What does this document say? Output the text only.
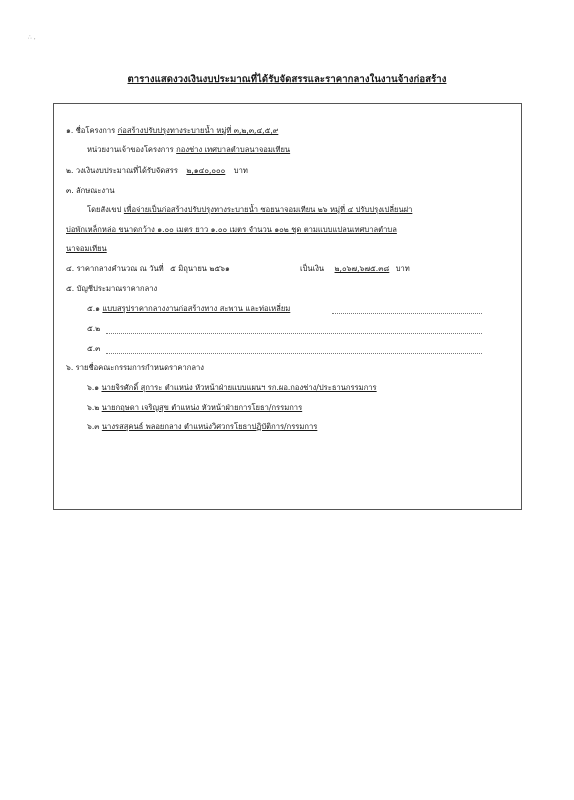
∴ ,
ตารางแสดงวงเงินงบประมาณที่ได้รับจัดสรรและราคากลางในงานจ้างก่อสร้าง
๑. ชื่อโครงการ ก่อสร้างปรับปรุงทางระบายน้ำ หมู่ที่ ๓,๒,๓,๔,๕,๙
หน่วยงานเจ้าของโครงการ กองช่าง เทศบาลตำบลนาจอมเทียน
๒. วงเงินงบประมาณที่ได้รับจัดสรร ๒,๑๔๐,๐๐๐ บาท
๓. ลักษณะงาน
โดยสังเขป เพื่อจ่ายเป็นก่อสร้างปรับปรุงทางระบายน้ำ ซอยนาจอมเทียน ๒๖ หมู่ที่ ๔ ปรับปรุงเปลี่ยนฝา
บ่อพักเหล็กหล่อ ขนาดกว้าง ๑.๐๐ เมตร ยาว ๑.๐๐ เมตร จำนวน ๑๐๒ ชุด ตามแบบแปลนเทศบาลตำบล
นาจอมเทียน
๔. ราคากลางคำนวณ ณ วันที่ ๕ มิถุนายน ๒๕๖๑	เป็นเงิน ๒,๐๖๗,๖๗๕.๓๘ บาท
๕. บัญชีประมาณราคากลาง
๕.๑ แบบสรุปราคากลางงานก่อสร้างทาง สะพาน และท่อเหลี่ยม
๕.๒
๕.๓
๖. รายชื่อคณะกรรมการกำหนดราคากลาง
๖.๑ นายจิรศักดิ์ สุการะ ตำแหน่ง หัวหน้าฝ่ายแบบแผนฯ รก.ผอ.กองช่าง/ประธานกรรมการ
๖.๒ นายกฤษดา เจริญสุข ตำแหน่ง หัวหน้าฝ่ายการโยธา/กรรมการ
๖.๓ นางรสสุคนธ์ พลอยกลาง ตำแหน่งวิศวกรโยธาปฏิบัติการ/กรรมการ
